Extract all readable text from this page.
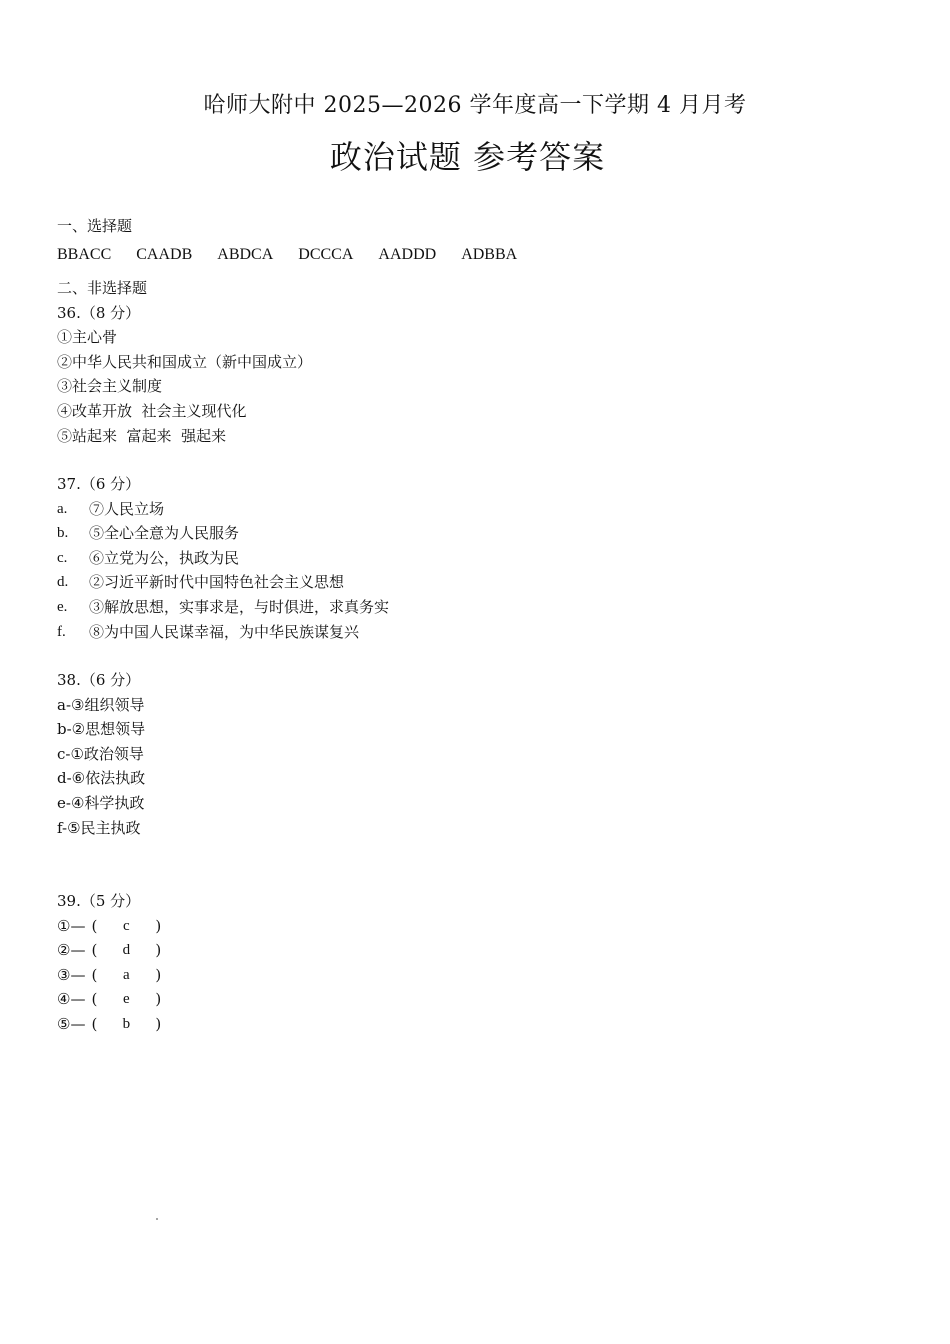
哈师大附中 2025—2026 学年度高一下学期 4 月月考
政治试题 参考答案
一、选择题
BBACC CAADB ABDCA DCCCA AADDD ADBBA
二、非选择题
36.（8 分）
①主心骨
②中华人民共和国成立（新中国成立）
③社会主义制度
④改革开放  社会主义现代化
⑤站起来  富起来  强起来
37.（6 分）
a.	⑦人民立场
b.	⑤全心全意为人民服务
c.	⑥立党为公，执政为民
d.	②习近平新时代中国特色社会主义思想
e.	③解放思想，实事求是，与时俱进，求真务实
f.	⑧为中国人民谋幸福，为中华民族谋复兴
38.（6 分）
a-③组织领导
b-②思想领导
c-①政治领导
d-⑥依法执政
e-④科学执政
f-⑤民主执政
39.（5 分）
①— (	c	)
②— (	d	)
③— (	a	)
④— (	e	)
⑤— (	b	)
